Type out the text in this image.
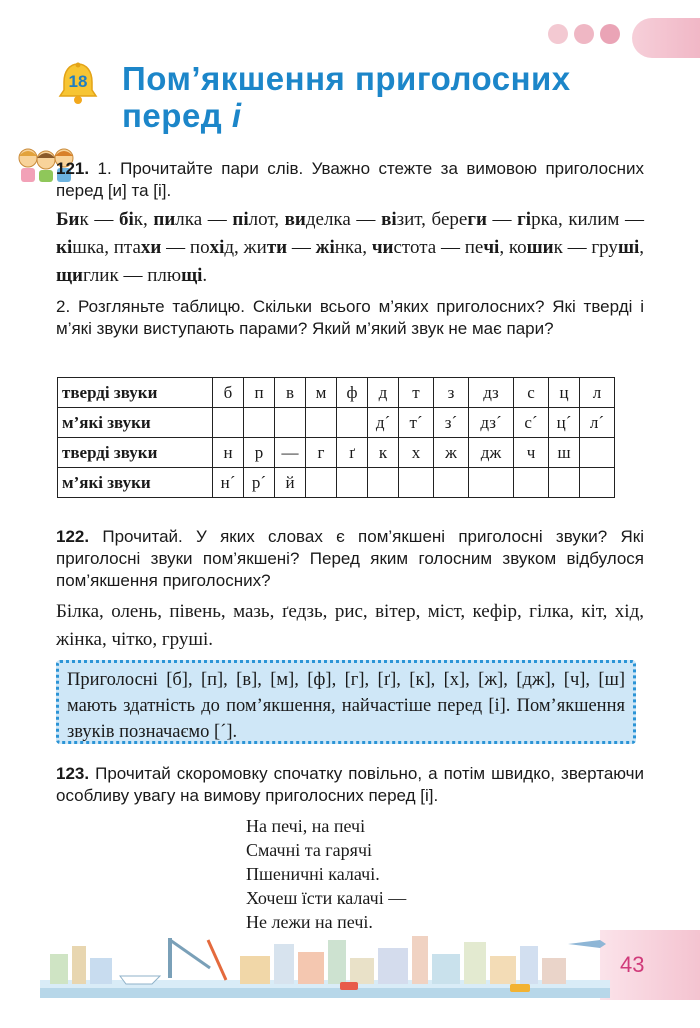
18	Пом’якшення приголосних
перед і
121. 1. Прочитайте пари слів. Уважно стежте за вимовою приголосних перед [и] та [і].
Бик — бік, пилка — пілот, виделка — візит, береги — гірка, килим — кішка, птахи — похід, жити — жінка, чистота — печі, кошик — груші, щиглик — плющі.
2. Розгляньте таблицю. Скільки всього м’яких приголосних? Які тверді і м’які звуки виступають парами? Який м’який звук не має пари?
тверді звуки	б	п	в	м	ф	д	т	з	дз	с	ц	л
м’які звуки						д´	т´	з´	дз´	с´	ц´	л´
тверді звуки	н	р	—	г	ґ	к	х	ж	дж	ч	ш	
м’які звуки	н´	р´	й									
122. Прочитай. У яких словах є пом’якшені приголосні звуки? Які приголосні звуки пом’якшені? Перед яким голосним звуком відбулося пом’якшення приголосних?
Білка, олень, півень, мазь, ґедзь, рис, вітер, міст, кефір, гілка, кіт, хід, жінка, чітко, груші.
Приголосні [б], [п], [в], [м], [ф], [г], [ґ], [к], [х], [ж], [дж], [ч], [ш] мають здатність до пом’якшення, найчастіше перед [і]. Пом’якшення звуків позначаємо [´].
123. Прочитай скоромовку спочатку повільно, а потім швидко, звертаючи особливу увагу на вимову приголосних перед [і].
На печі, на печі
Смачні та гарячі
Пшеничні калачі.
Хочеш їсти калачі —
Не лежи на печі.
43
